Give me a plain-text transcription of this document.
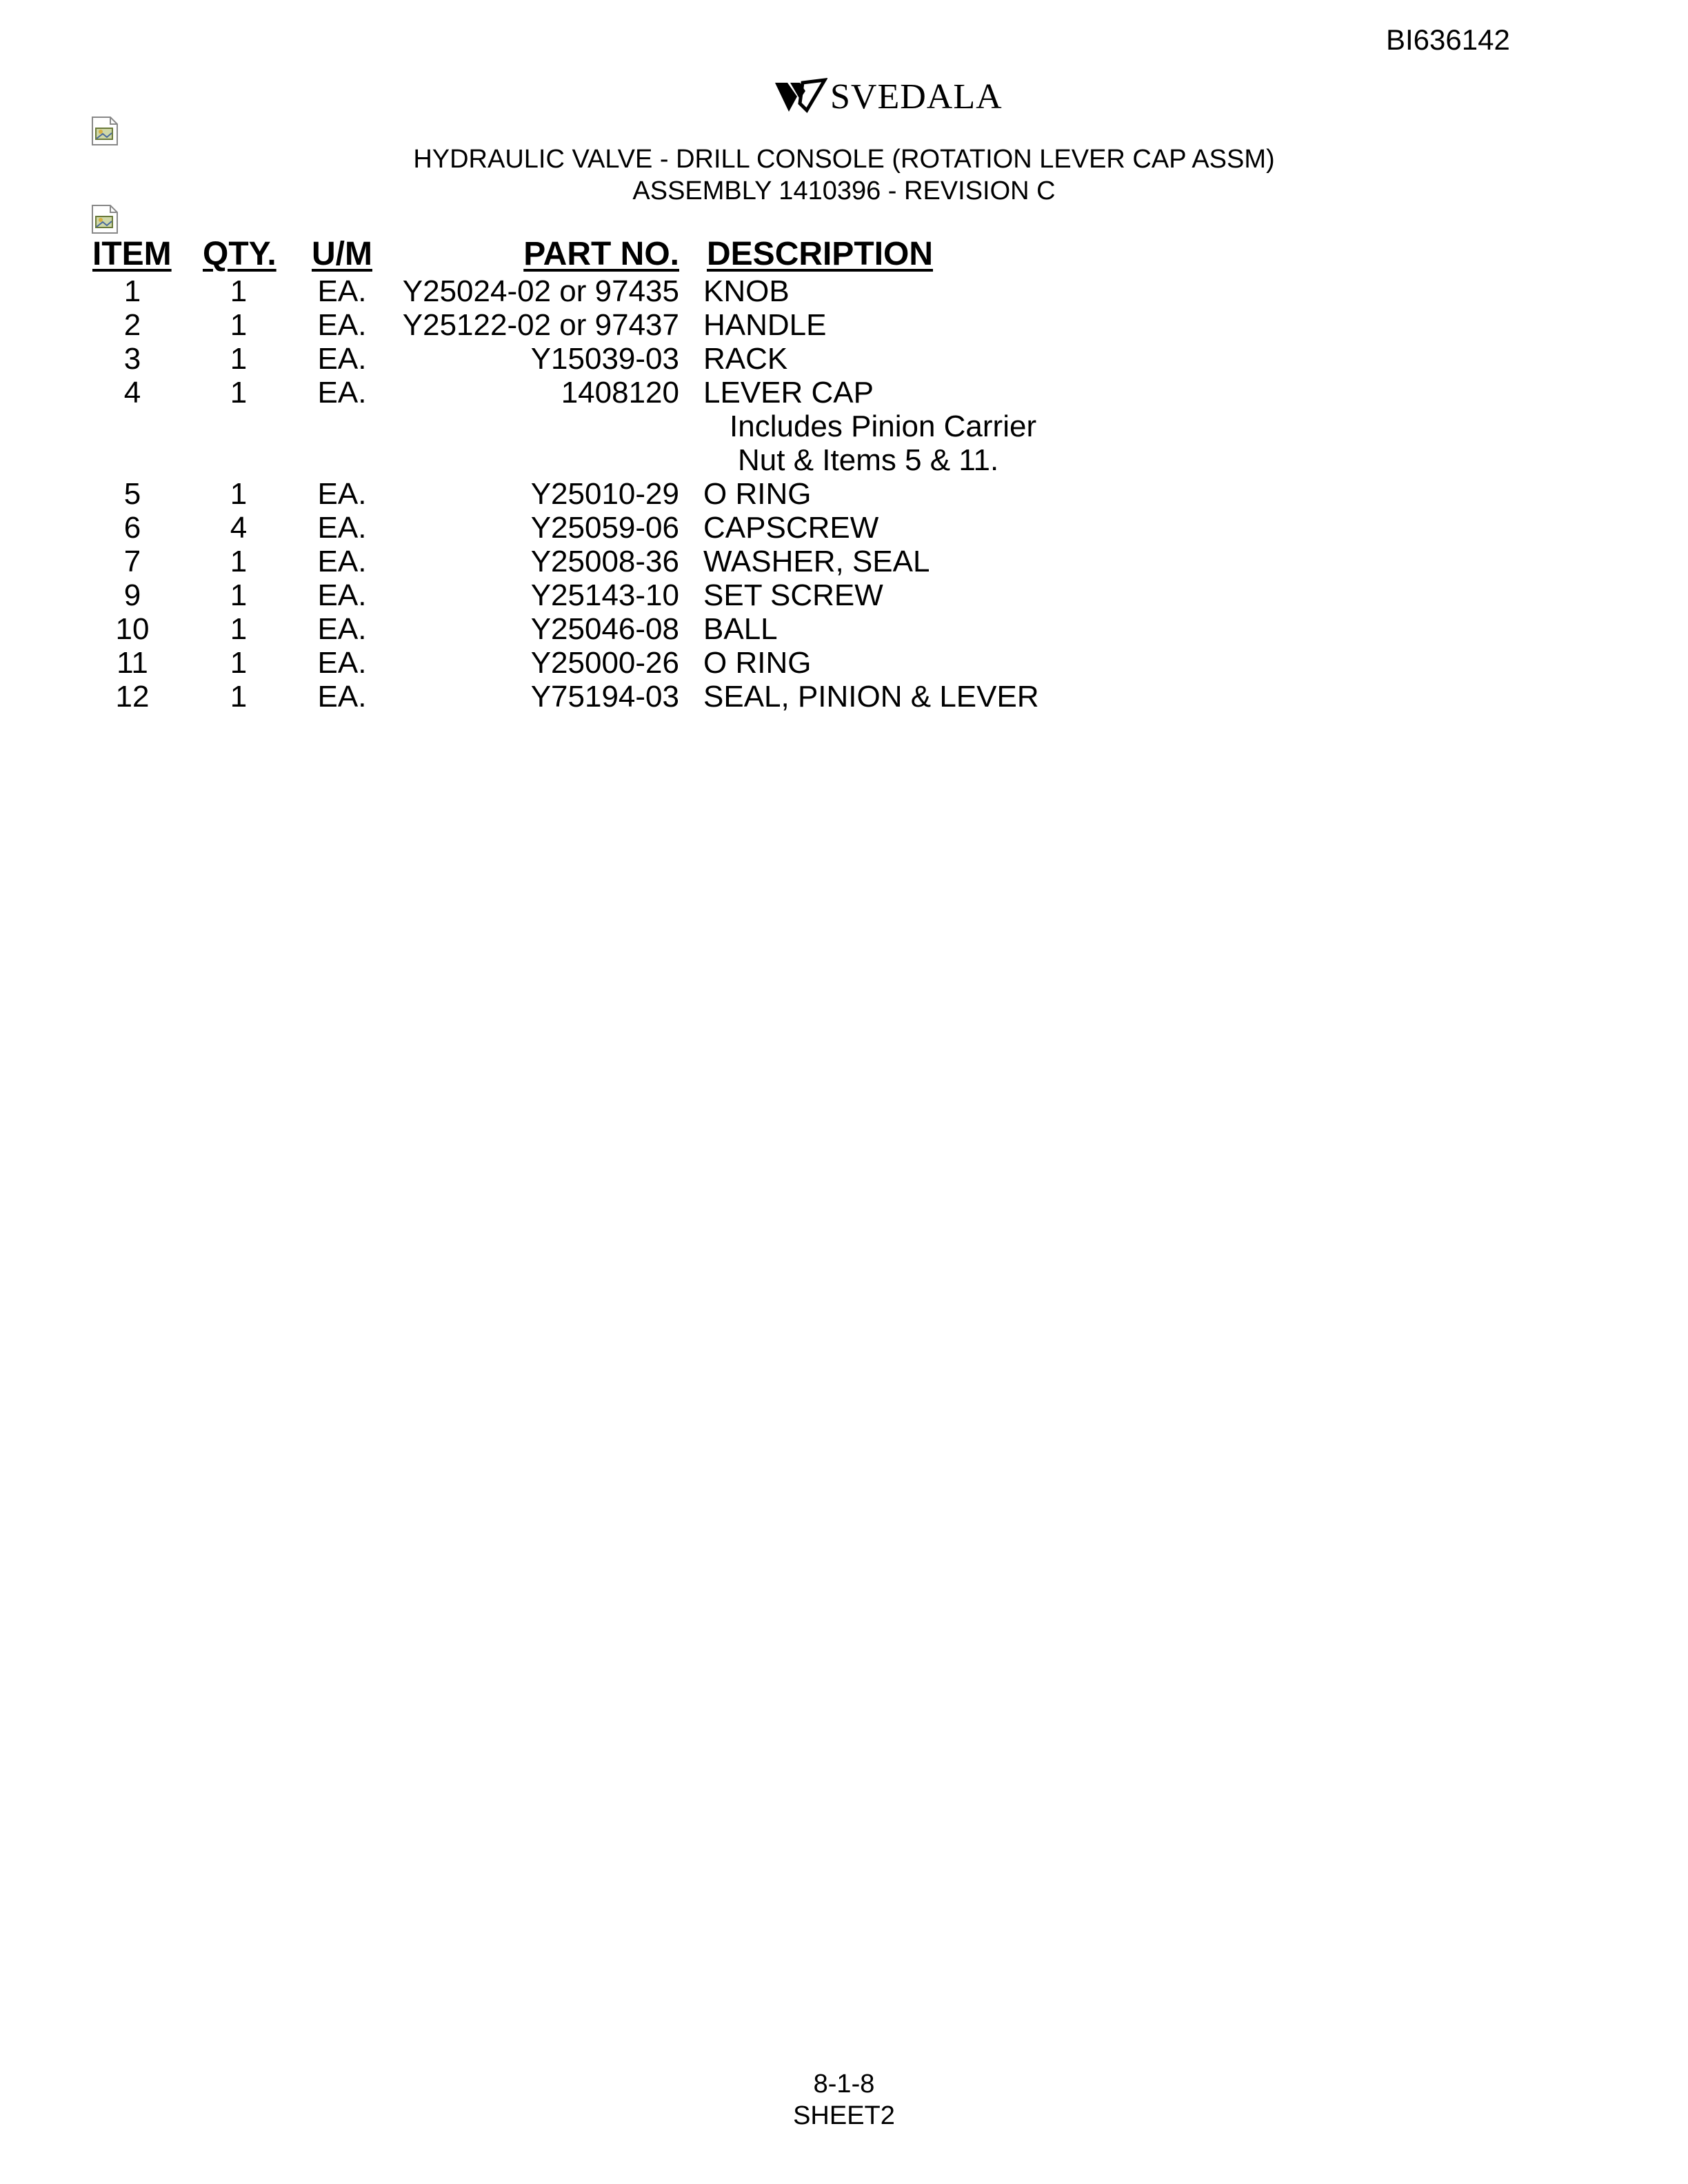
BI636142
SVEDALA
HYDRAULIC VALVE - DRILL CONSOLE (ROTATION LEVER CAP ASSM)
ASSEMBLY 1410396 - REVISION C
ITEM QTY. U/M	PART NO. DESCRIPTION
1	1	EA.	Y25024-02 or 97435 KNOB
2	1	EA.	Y25122-02 or 97437 HANDLE
3	1	EA.	Y15039-03 RACK
4	1	EA.	1408120 LEVER CAP
Includes Pinion Carrier
Nut & Items 5 & 11.
5	1	EA.	Y25010-29 O RING
6	4	EA.	Y25059-06 CAPSCREW
7	1	EA.	Y25008-36 WASHER, SEAL
9	1	EA.	Y25143-10 SET SCREW
10	1	EA.	Y25046-08 BALL
11	1	EA.	Y25000-26 O RING
12	1	EA.	Y75194-03 SEAL, PINION & LEVER
8-1-8
SHEET2
